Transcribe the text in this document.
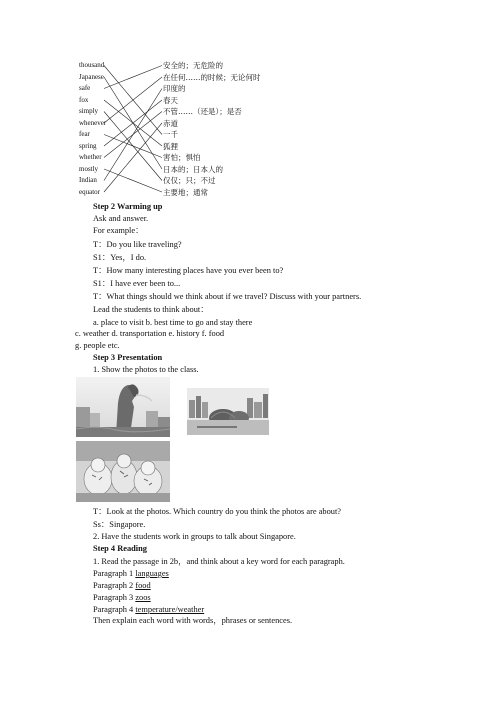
thousand
Japanese
safe
fox
simply
whenever
fear
spring
whether
mostly
Indian
equator
安全的；无危险的
在任何……的时候；无论何时
印度的
春天
不管……（还是）；是否
赤道
一千
狐狸
害怕；惧怕
日本的；日本人的
仅仅；只；不过
主要地；通常
Step 2 Warming up
Ask and answer.
For example：
T：Do you like traveling?
S1：Yes，I do.
T：How many interesting places have you ever been to?
S1：I have ever been to...
T：What things should we think about if we travel? Discuss with your partners.
Lead the students to think about：
a. place to visit b. best time to go and stay there
c. weather d. transportation e. history f. food
g. people etc.
Step 3 Presentation
1. Show the photos to the class.
T：Look at the photos. Which country do you think the photos are about?
Ss：Singapore.
2. Have the students work in groups to talk about Singapore.
Step 4 Reading
1. Read the passage in 2b，and think about a key word for each paragraph.
Paragraph 1 languages
Paragraph 2 food
Paragraph 3 zoos
Paragraph 4 temperature/weather
Then explain each word with words，phrases or sentences.
